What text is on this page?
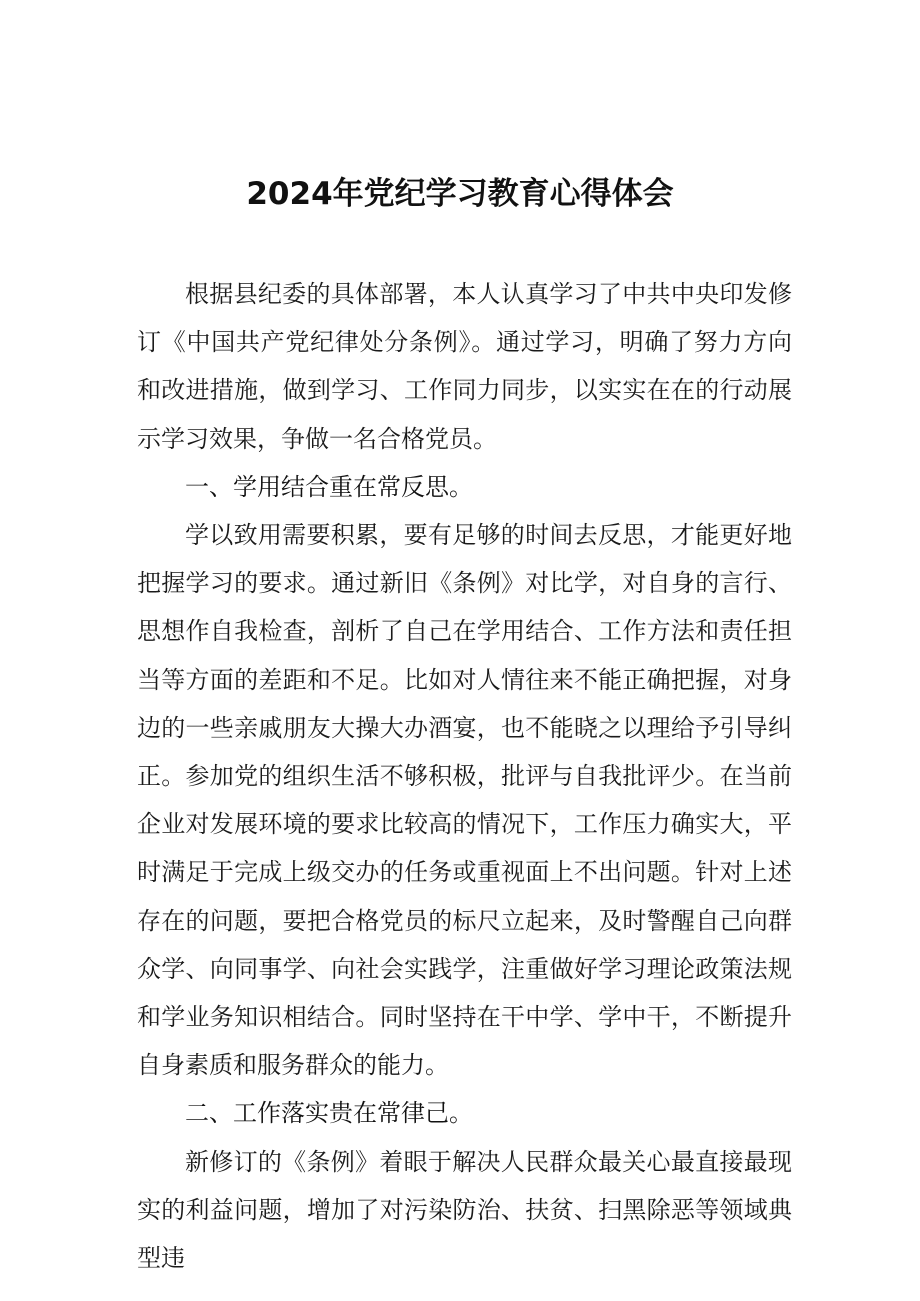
2024年党纪学习教育心得体会

根据县纪委的具体部署，本人认真学习了中共中央印发修订《中国共产党纪律处分条例》。通过学习，明确了努力方向和改进措施，做到学习、工作同力同步，以实实在在的行动展示学习效果，争做一名合格党员。

一、学用结合重在常反思。

学以致用需要积累，要有足够的时间去反思，才能更好地把握学习的要求。通过新旧《条例》对比学，对自身的言行、思想作自我检查，剖析了自己在学用结合、工作方法和责任担当等方面的差距和不足。比如对人情往来不能正确把握，对身边的一些亲戚朋友大操大办酒宴，也不能晓之以理给予引导纠正。参加党的组织生活不够积极，批评与自我批评少。在当前企业对发展环境的要求比较高的情况下，工作压力确实大，平时满足于完成上级交办的任务或重视面上不出问题。针对上述存在的问题，要把合格党员的标尺立起来，及时警醒自己向群众学、向同事学、向社会实践学，注重做好学习理论政策法规和学业务知识相结合。同时坚持在干中学、学中干，不断提升自身素质和服务群众的能力。

二、工作落实贵在常律己。

新修订的《条例》着眼于解决人民群众最关心最直接最现实的利益问题，增加了对污染防治、扶贫、扫黑除恶等领域典型违
